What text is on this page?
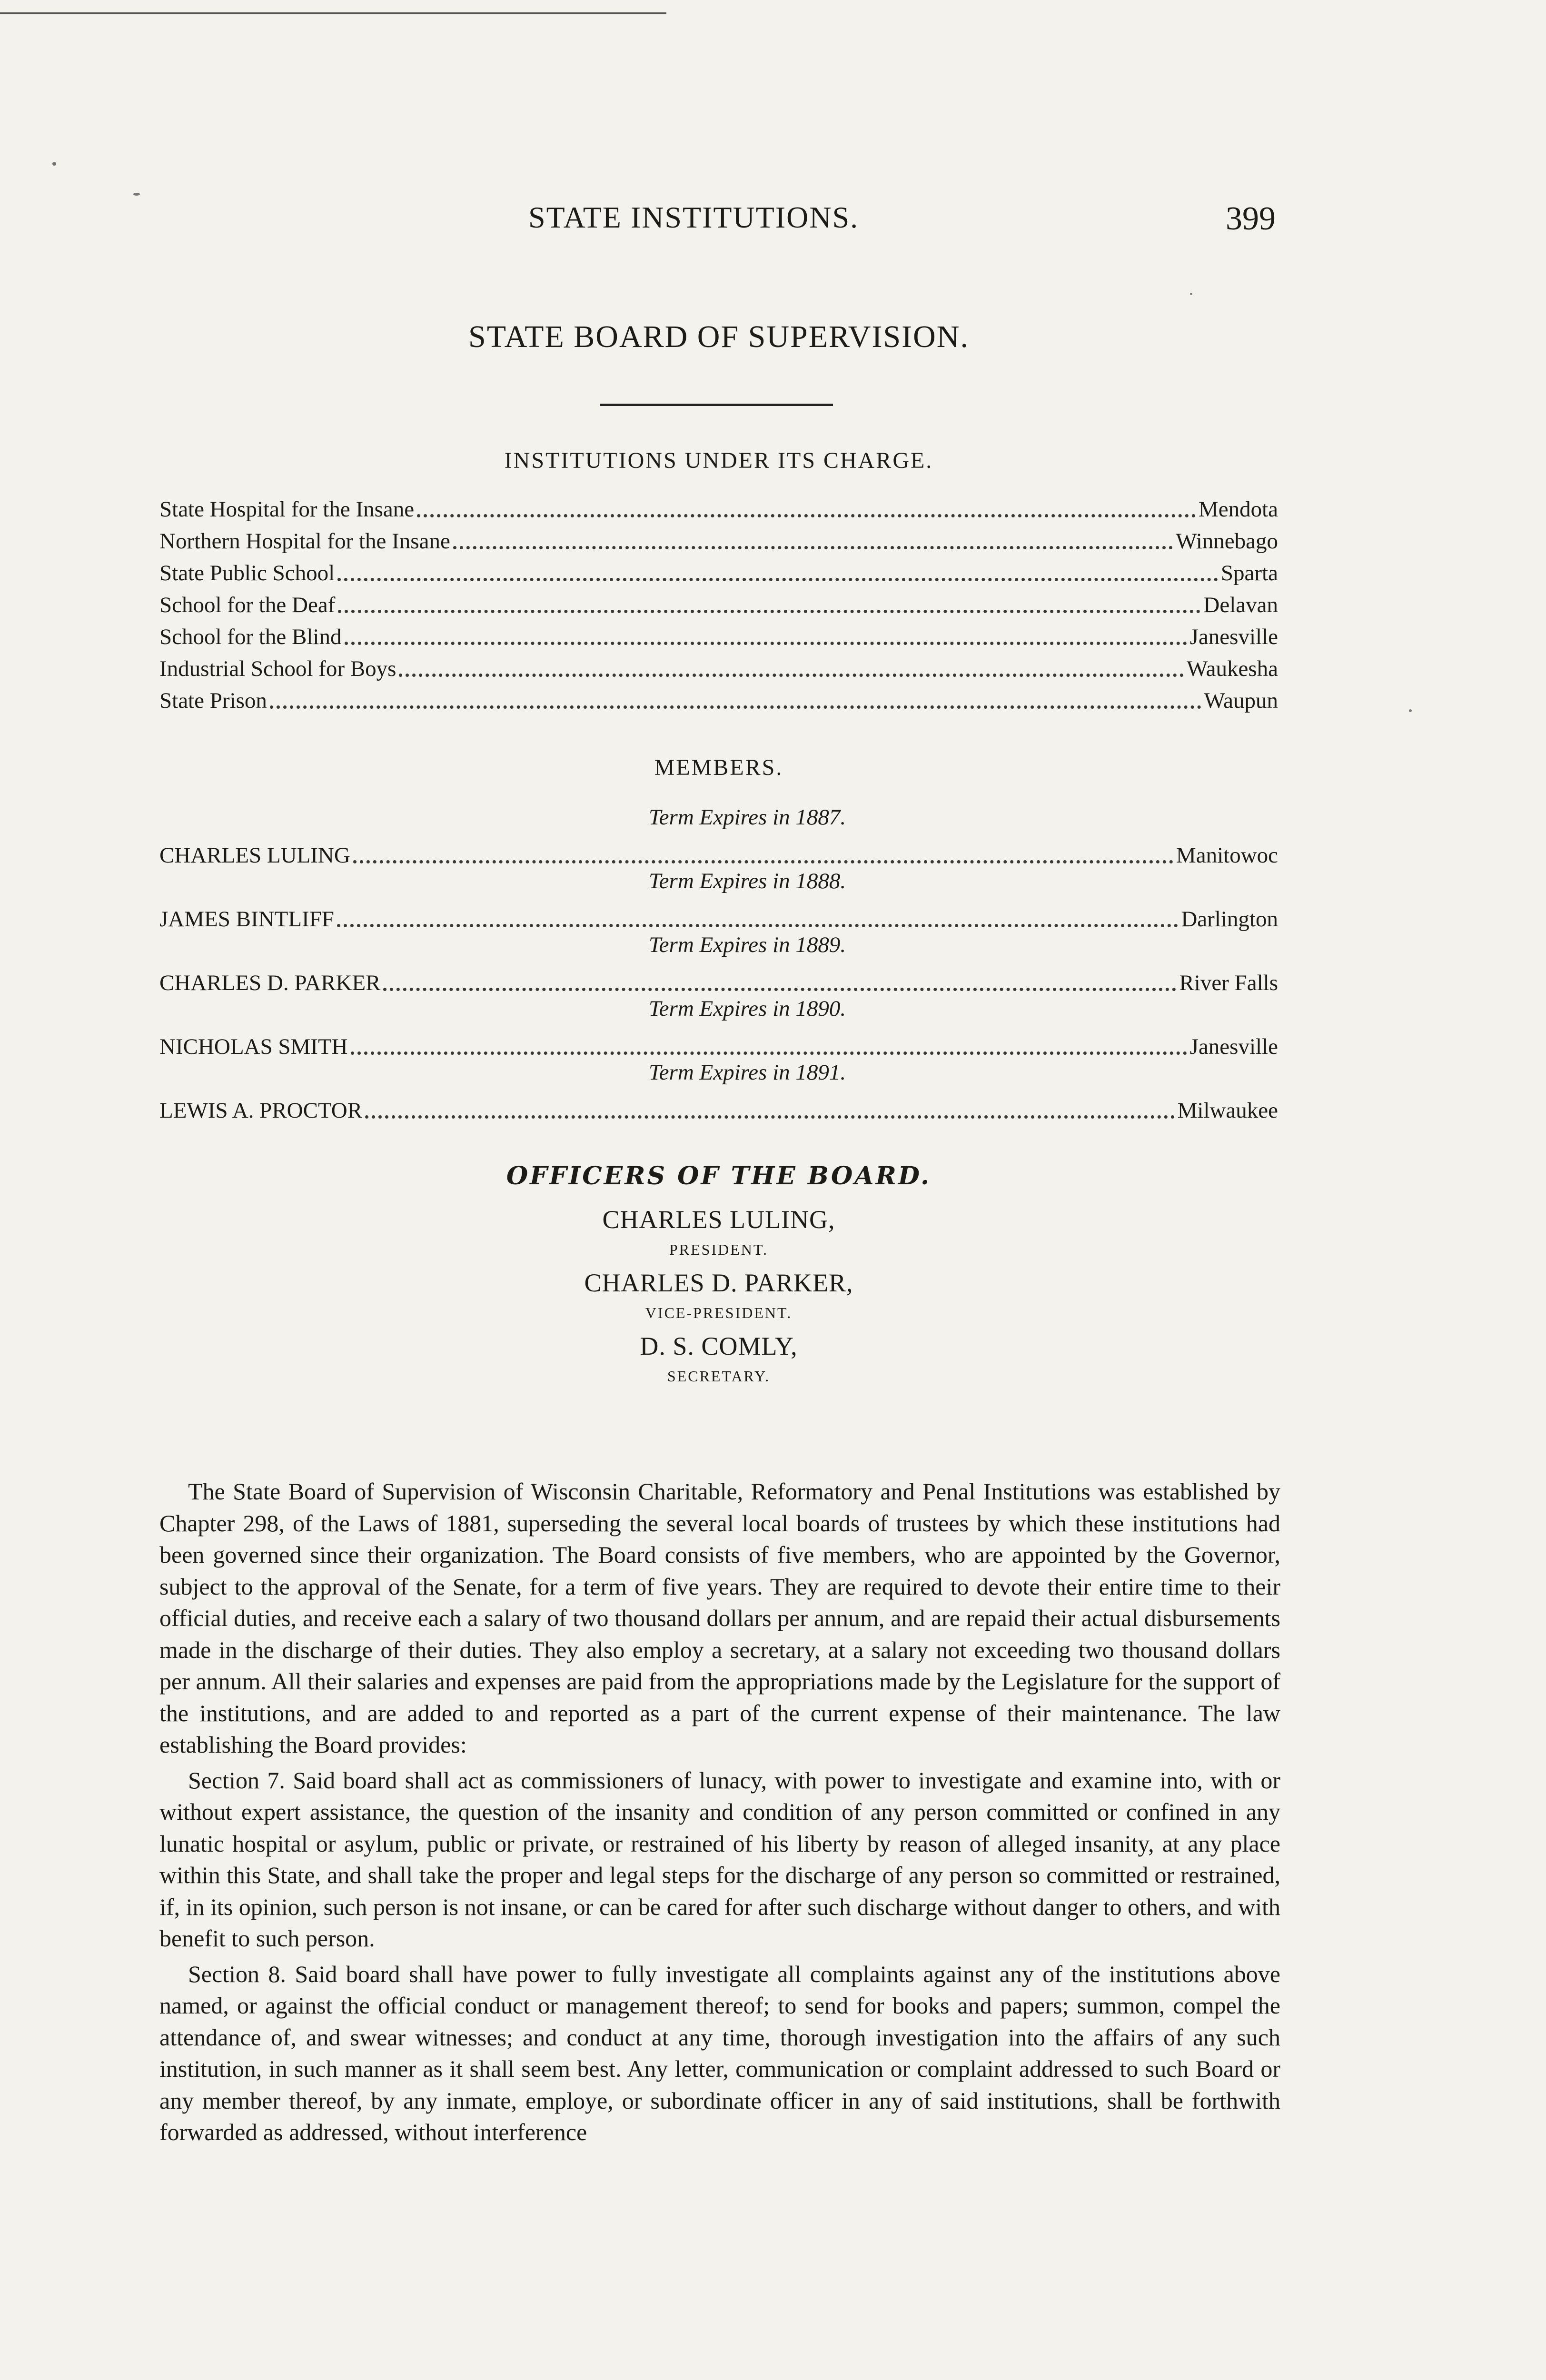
STATE INSTITUTIONS.	399
STATE BOARD OF SUPERVISION.
INSTITUTIONS UNDER ITS CHARGE.
State Hospital for the Insane	Mendota
Northern Hospital for the Insane	Winnebago
State Public School	Sparta
School for the Deaf	Delavan
School for the Blind	Janesville
Industrial School for Boys	Waukesha
State Prison	Waupun
MEMBERS.
Term Expires in 1887.
CHARLES LULING	Manitowoc
Term Expires in 1888.
JAMES BINTLIFF	Darlington
Term Expires in 1889.
CHARLES D. PARKER	River Falls
Term Expires in 1890.
NICHOLAS SMITH	Janesville
Term Expires in 1891.
LEWIS A. PROCTOR	Milwaukee
OFFICERS OF THE BOARD.
CHARLES LULING,
PRESIDENT.
CHARLES D. PARKER,
VICE-PRESIDENT.
D. S. COMLY,
SECRETARY.

The State Board of Supervision of Wisconsin Charitable, Reformatory and Penal Institutions was established by Chapter 298, of the Laws of 1881, superseding the several local boards of trustees by which these institutions had been governed since their organization. The Board consists of five members, who are appointed by the Governor, subject to the approval of the Senate, for a term of five years. They are required to devote their entire time to their official duties, and receive each a salary of two thousand dollars per annum, and are repaid their actual disbursements made in the discharge of their duties. They also employ a secretary, at a salary not exceeding two thousand dollars per annum. All their salaries and expenses are paid from the appropriations made by the Legislature for the support of the institutions, and are added to and reported as a part of the current expense of their maintenance. The law establishing the Board provides:

Section 7. Said board shall act as commissioners of lunacy, with power to investigate and examine into, with or without expert assistance, the question of the insanity and condition of any person committed or confined in any lunatic hospital or asylum, public or private, or restrained of his liberty by reason of alleged insanity, at any place within this State, and shall take the proper and legal steps for the discharge of any person so committed or restrained, if, in its opinion, such person is not insane, or can be cared for after such discharge without danger to others, and with benefit to such person.

Section 8. Said board shall have power to fully investigate all complaints against any of the institutions above named, or against the official conduct or management thereof; to send for books and papers; summon, compel the attendance of, and swear witnesses; and conduct at any time, thorough investigation into the affairs of any such institution, in such manner as it shall seem best. Any letter, communication or complaint addressed to such Board or any member thereof, by any inmate, employe, or subordinate officer in any of said institutions, shall be forthwith forwarded as addressed, without interference
